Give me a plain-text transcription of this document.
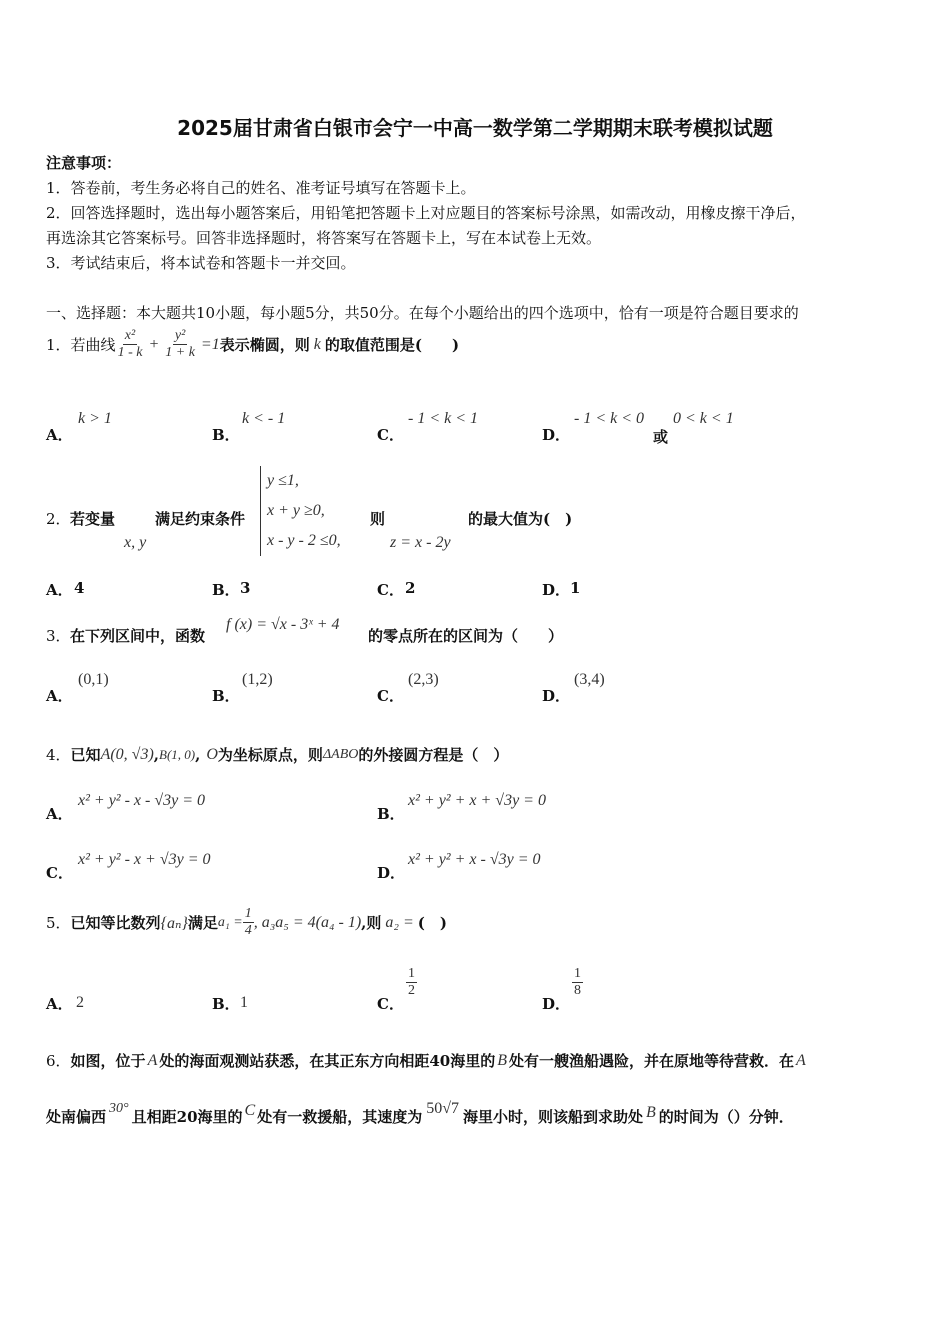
2025届甘肃省白银市会宁一中高一数学第二学期期末联考模拟试题
注意事项：
1．答卷前，考生务必将自己的姓名、准考证号填写在答题卡上。
2．回答选择题时，选出每小题答案后，用铅笔把答题卡上对应题目的答案标号涂黑，如需改动，用橡皮擦干净后，
再选涂其它答案标号。回答非选择题时，将答案写在答题卡上，写在本试卷上无效。
3．考试结束后，将本试卷和答题卡一并交回。
一、选择题：本大题共10小题，每小题5分，共50分。在每个小题给出的四个选项中，恰有一项是符合题目要求的
1． 若曲线 $\frac{\text{x²}}{1 - k} + \frac{\text{y²}}{1 + k} =1$ 表示椭圆，则 k 的取值范围是(　　)
A．
k > 1
B．
k < - 1
C．
- 1 < k < 1
D．
- 1 < k < 0
或
0 < k < 1
2． 若变量
x, y
满足约束条件
y ≤1,
x + y ≥0,
x - y - 2 ≤0,
则
z = x - 2y
的最大值为(　)
A． 4	B． 3	C． 2	D． 1
3． 在下列区间中，函数
f (x) = √x - 3ˣ + 4
的零点所在的区间为（　　）
A．
(0,1)
B．
(1,2)
C．
(2,3)
D．
(3,4)
4． 已知 A(0, √3) , B(1, 0) , O 为坐标原点，则 ΔABO 的外接圆方程是（　）
A．
x² + y² - x - √3y = 0
B．
x² + y² + x + √3y = 0
C．
x² + y² - x + √3y = 0
D．
x² + y² + x - √3y = 0
5． 已知等比数列 {aₙ} 满足 $a_1 = \frac{1}{4}$ , a₃a₅ = 4(a₄ - 1) ,则 a₂ = (　)
A． 2	B． 1	C．
$\frac{1}{2}$
D．
$\frac{1}{8}$
6． 如图，位于 A 处的海面观测站获悉，在其正东方向相距 40 海里的 B 处有一艘渔船遇险，并在原地等待营救．在 A
处南偏西 30° 且相距 20 海里的 C 处有一救援船，其速度为 50√7 海里小时，则该船到求助处 B 的时间为（）分钟．
